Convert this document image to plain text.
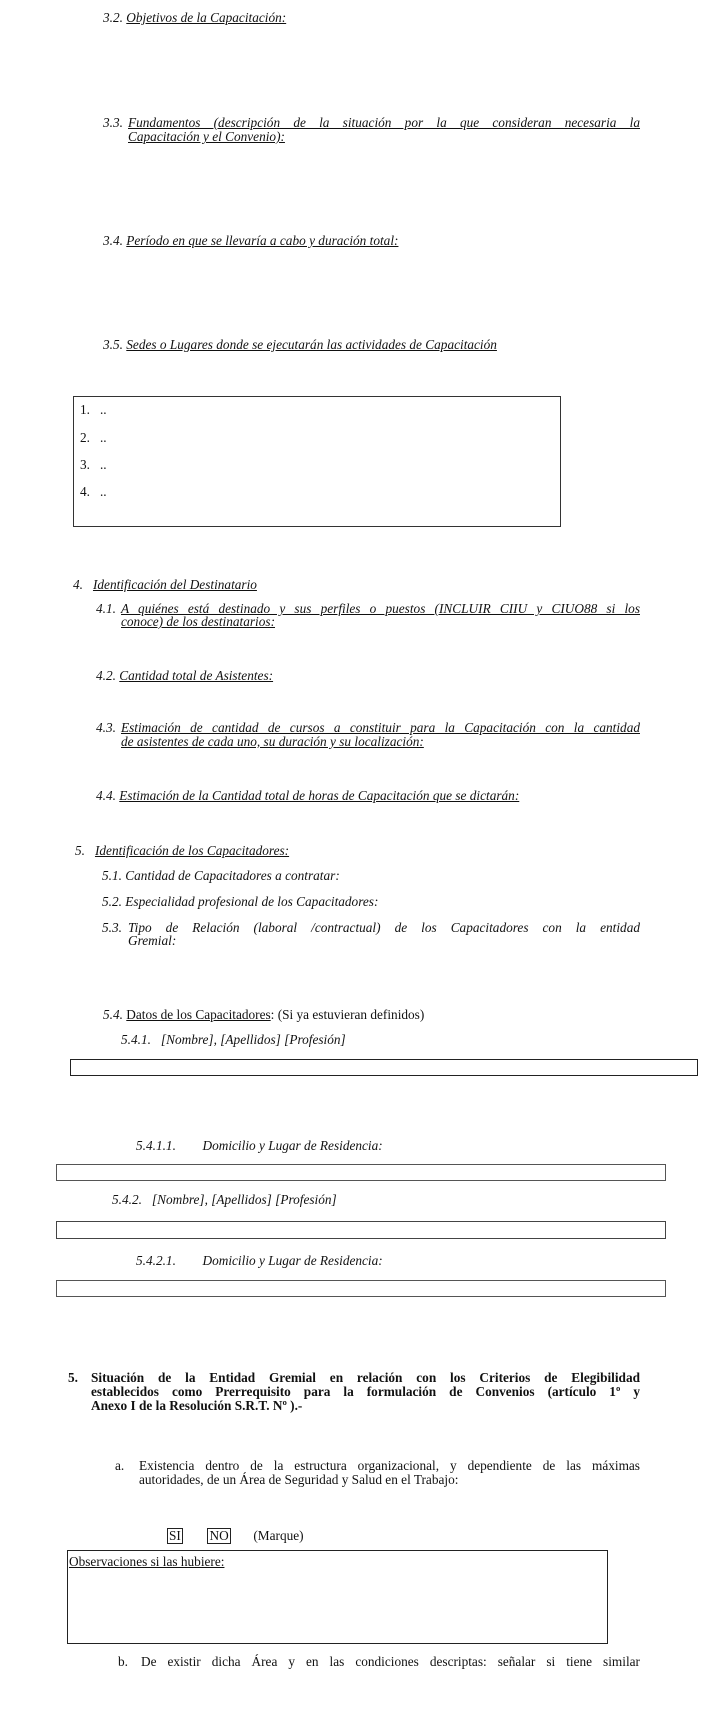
3.2. Objetivos de la Capacitación:
3.3. Fundamentos (descripción de la situación por la que consideran necesaria la
Capacitación y el Convenio):
3.4. Período en que se llevaría a cabo y duración total:
3.5. Sedes o Lugares donde se ejecutarán las actividades de Capacitación
1. ..
2. ..
3. ..
4. ..
4. Identificación del Destinatario
4.1. A quiénes está destinado y sus perfiles o puestos (INCLUIR CIIU y CIUO88 si los
conoce) de los destinatarios:
4.2. Cantidad total de Asistentes:
4.3. Estimación de cantidad de cursos a constituir para la Capacitación con la cantidad
de asistentes de cada uno, su duración y su localización:
4.4. Estimación de la Cantidad total de horas de Capacitación que se dictarán:
5. Identificación de los Capacitadores:
5.1. Cantidad de Capacitadores a contratar:
5.2. Especialidad profesional de los Capacitadores:
5.3. Tipo de Relación (laboral /contractual) de los Capacitadores con la entidad
Gremial:
5.4. Datos de los Capacitadores: (Si ya estuvieran definidos)
5.4.1. [Nombre], [Apellidos] [Profesión]
5.4.1.1. Domicilio y Lugar de Residencia:
5.4.2. [Nombre], [Apellidos] [Profesión]
5.4.2.1. Domicilio y Lugar de Residencia:
5. Situación de la Entidad Gremial en relación con los Criterios de Elegibilidad
establecidos como Prerrequisito para la formulación de Convenios (artículo 1º y
Anexo I de la Resolución S.R.T. Nº ).-
a. Existencia dentro de la estructura organizacional, y dependiente de las máximas
autoridades, de un Área de Seguridad y Salud en el Trabajo:
SI NO (Marque)
Observaciones si las hubiere:
b. De existir dicha Área y en las condiciones descriptas: señalar si tiene similar
